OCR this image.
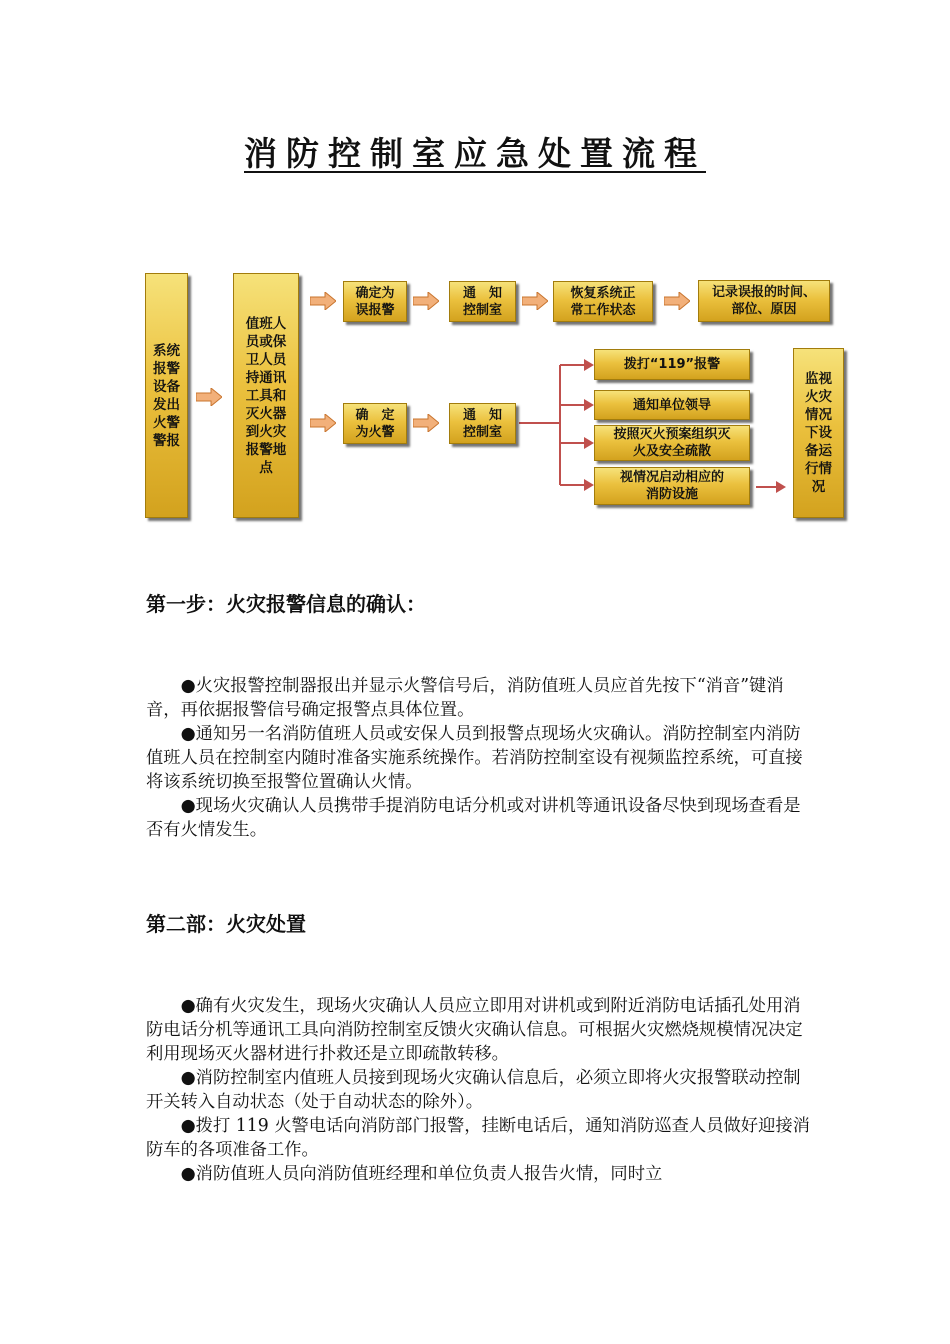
消防控制室应急处置流程
系统报警设备发出火警警报
值班人员或保卫人员持通讯工具和灭火器到火灾报警地点
确定为
误报警
通　知
控制室
恢复系统正
常工作状态
记录误报的时间、
部位、原因
确　定
为火警
通　知
控制室
拨打“119”报警
通知单位领导
按照灭火预案组织灭
火及安全疏散
视情况启动相应的
消防设施
监视火灾情况下设备运行情况
第一步：火灾报警信息的确认：

●火灾报警控制器报出并显示火警信号后，消防值班人员应首先按下“消音”键消音，再依据报警信号确定报警点具体位置。

●通知另一名消防值班人员或安保人员到报警点现场火灾确认。消防控制室内消防值班人员在控制室内随时准备实施系统操作。若消防控制室设有视频监控系统，可直接将该系统切换至报警位置确认火情。

●现场火灾确认人员携带手提消防电话分机或对讲机等通讯设备尽快到现场查看是否有火情发生。

第二部：火灾处置

●确有火灾发生，现场火灾确认人员应立即用对讲机或到附近消防电话插孔处用消防电话分机等通讯工具向消防控制室反馈火灾确认信息。可根据火灾燃烧规模情况决定利用现场灭火器材进行扑救还是立即疏散转移。

●消防控制室内值班人员接到现场火灾确认信息后，必须立即将火灾报警联动控制开关转入自动状态（处于自动状态的除外）。

●拨打 119 火警电话向消防部门报警，挂断电话后，通知消防巡查人员做好迎接消防车的各项准备工作。

●消防值班人员向消防值班经理和单位负责人报告火情，同时立
